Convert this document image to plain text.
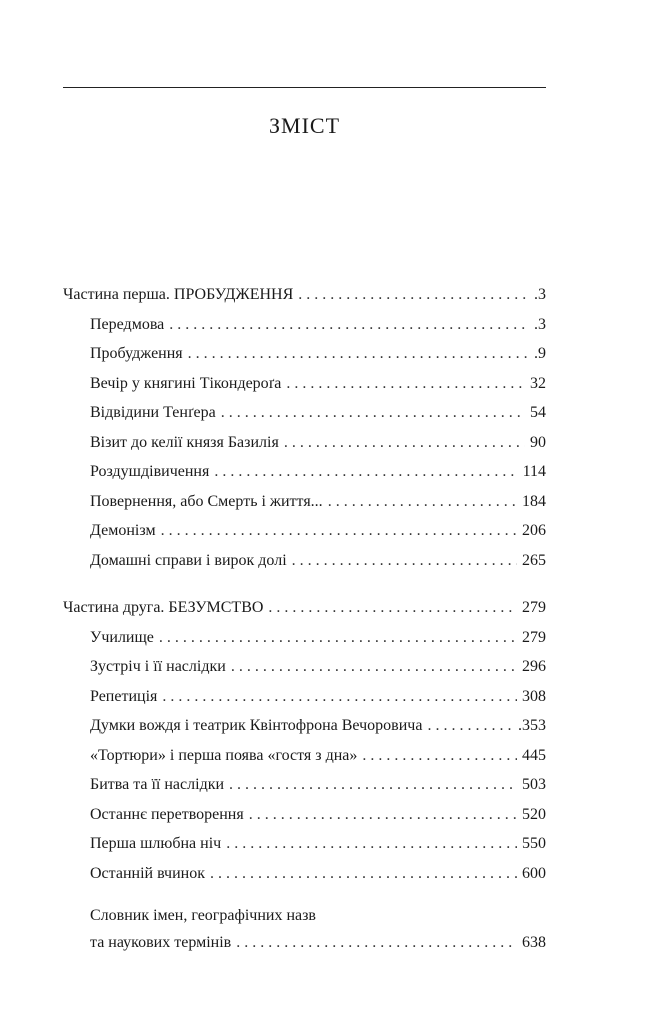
ЗМІСТ
Частина перша. ПРОБУДЖЕННЯ . . .	.3
Передмова . . .	.3
Пробудження . . .	.9
Вечір у княгині Тікондероґа . . .	32
Відвідини Тенґера . . .	54
Візит до келії князя Базилія . . .	90
Роздушдівичення . . .	114
Повернення, або Смерть і життя... . . .	184
Демонізм . . .	206
Домашні справи і вирок долі . . .	265
Частина друга. БЕЗУМСТВО . . .	279
Училище . . .	279
Зустріч і її наслідки . . .	296
Репетиція . . .	308
Думки вождя і театрик Квінтофрона Вечоровича . . .	.353
«Тортюри» і перша поява «гостя з дна» . . .	445
Битва та її наслідки . . .	503
Останнє перетворення . . .	520
Перша шлюбна ніч . . .	550
Останній вчинок . . .	600
Словник імен, географічних назв
та наукових термінів . . .	638
